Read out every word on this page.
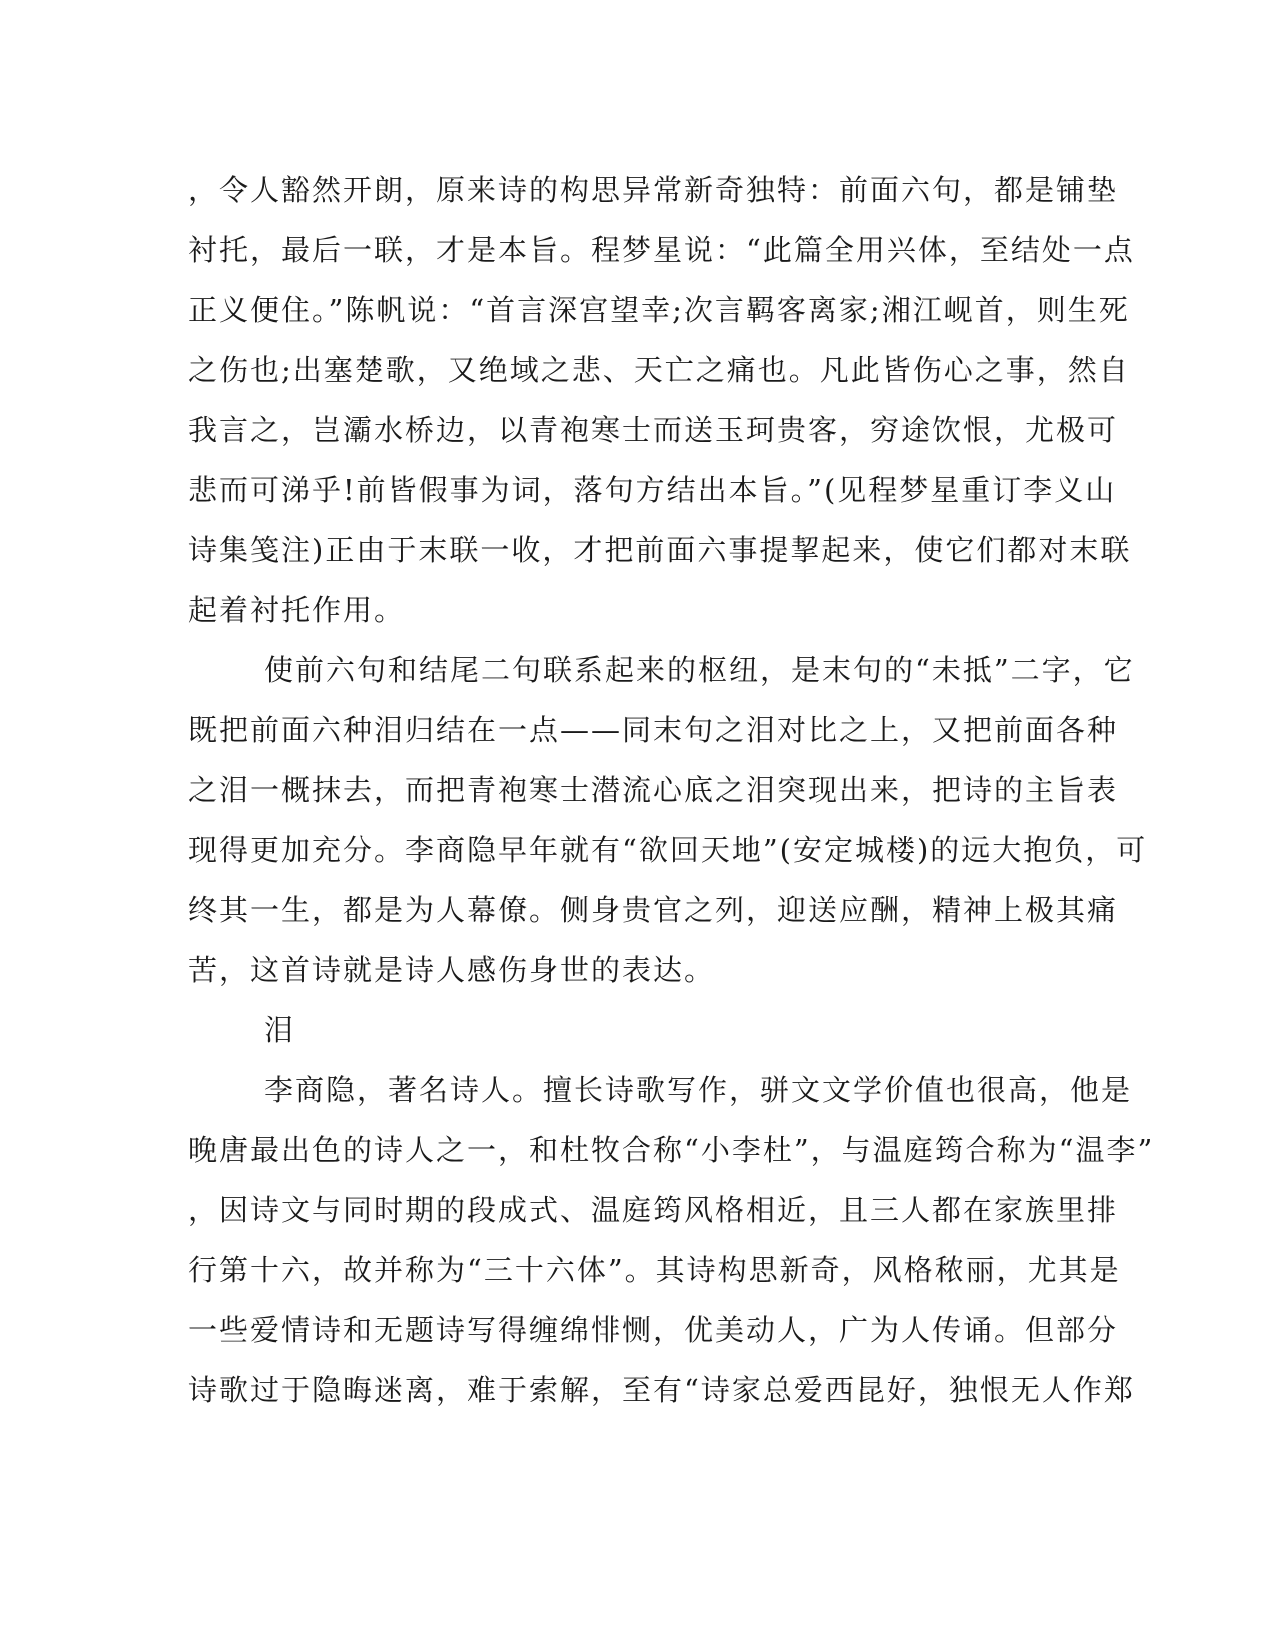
，令人豁然开朗，原来诗的构思异常新奇独特：前面六句，都是铺垫
衬托，最后一联，才是本旨。程梦星说：“此篇全用兴体，至结处一点
正义便住。”陈帆说：“首言深宫望幸;次言羁客离家;湘江岘首，则生死
之伤也;出塞楚歌，又绝域之悲、天亡之痛也。凡此皆伤心之事，然自
我言之，岂灞水桥边，以青袍寒士而送玉珂贵客，穷途饮恨，尤极可
悲而可涕乎!前皆假事为词，落句方结出本旨。”(见程梦星重订李义山
诗集笺注)正由于末联一收，才把前面六事提挈起来，使它们都对末联
起着衬托作用。
使前六句和结尾二句联系起来的枢纽，是末句的“未抵”二字，它
既把前面六种泪归结在一点——同末句之泪对比之上，又把前面各种
之泪一概抹去，而把青袍寒士潜流心底之泪突现出来，把诗的主旨表
现得更加充分。李商隐早年就有“欲回天地”(安定城楼)的远大抱负，可
终其一生，都是为人幕僚。侧身贵官之列，迎送应酬，精神上极其痛
苦，这首诗就是诗人感伤身世的表达。
泪
李商隐，著名诗人。擅长诗歌写作，骈文文学价值也很高，他是
晚唐最出色的诗人之一，和杜牧合称“小李杜”，与温庭筠合称为“温李”
，因诗文与同时期的段成式、温庭筠风格相近，且三人都在家族里排
行第十六，故并称为“三十六体”。其诗构思新奇，风格秾丽，尤其是
一些爱情诗和无题诗写得缠绵悱恻，优美动人，广为人传诵。但部分
诗歌过于隐晦迷离，难于索解，至有“诗家总爱西昆好，独恨无人作郑
